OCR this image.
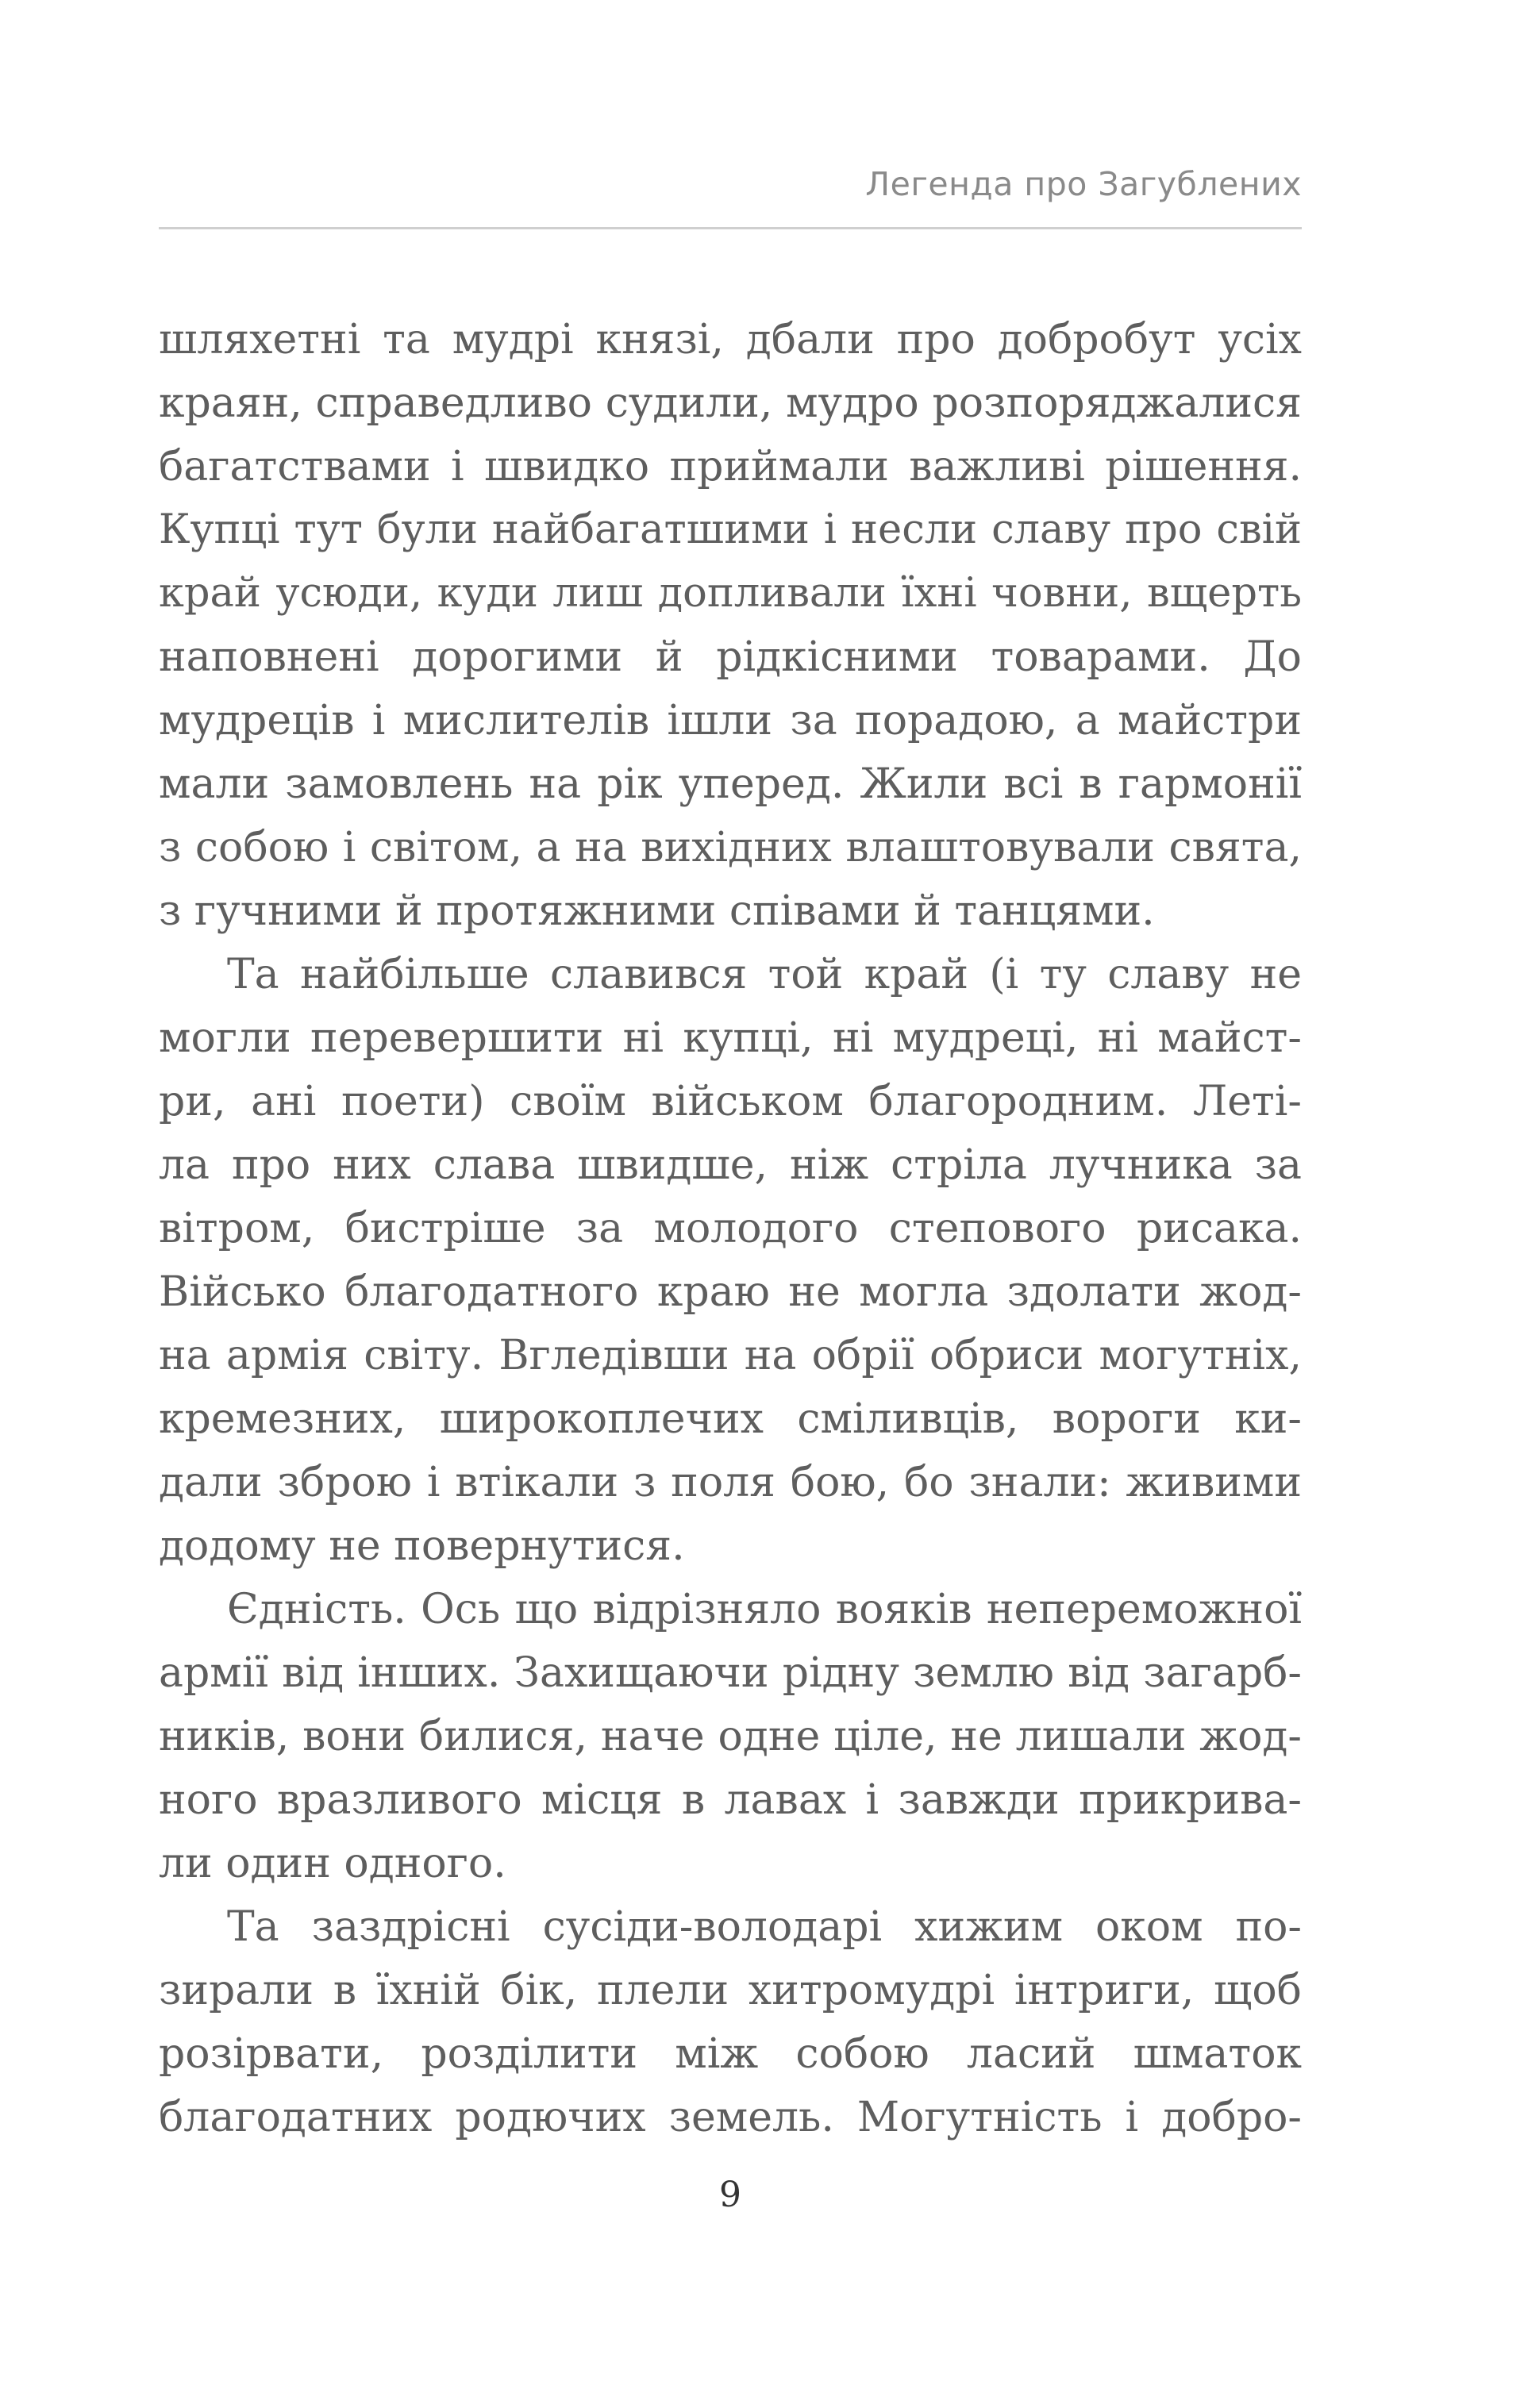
Легенда про Загублених

шляхетні та мудрі князі, дбали про добробут усіх
краян, справедливо судили, мудро розпоряджалися
багатствами і швидко приймали важливі рішення.
Купці тут були найбагатшими і несли славу про свій
край усюди, куди лиш допливали їхні човни, вщерть
наповнені дорогими й рідкісними товарами. До
мудреців і мислителів ішли за порадою, а майстри
мали замовлень на рік уперед. Жили всі в гармонії
з собою і світом, а на вихідних влаштовували свята,
з гучними й протяжними співами й танцями.

Та найбільше славився той край (і ту славу не
могли перевершити ні купці, ні мудреці, ні майст-
ри, ані поети) своїм військом благородним. Леті-
ла про них слава швидше, ніж стріла лучника за
вітром, бистріше за молодого степового рисака.
Військо благодатного краю не могла здолати жод-
на армія світу. Вгледівши на обрії обриси могутніх,
кремезних, широкоплечих сміливців, вороги ки-
дали зброю і втікали з поля бою, бо знали: живими
додому не повернутися.

Єдність. Ось що відрізняло вояків непереможної
армії від інших. Захищаючи рідну землю від загарб-
ників, вони билися, наче одне ціле, не лишали жод-
ного вразливого місця в лавах і завжди прикрива-
ли один одного.

Та заздрісні сусіди-володарі хижим оком по-
зирали в їхній бік, плели хитромудрі інтриги, щоб
розірвати, розділити між собою ласий шматок
благодатних родючих земель. Могутність і добро-

9
